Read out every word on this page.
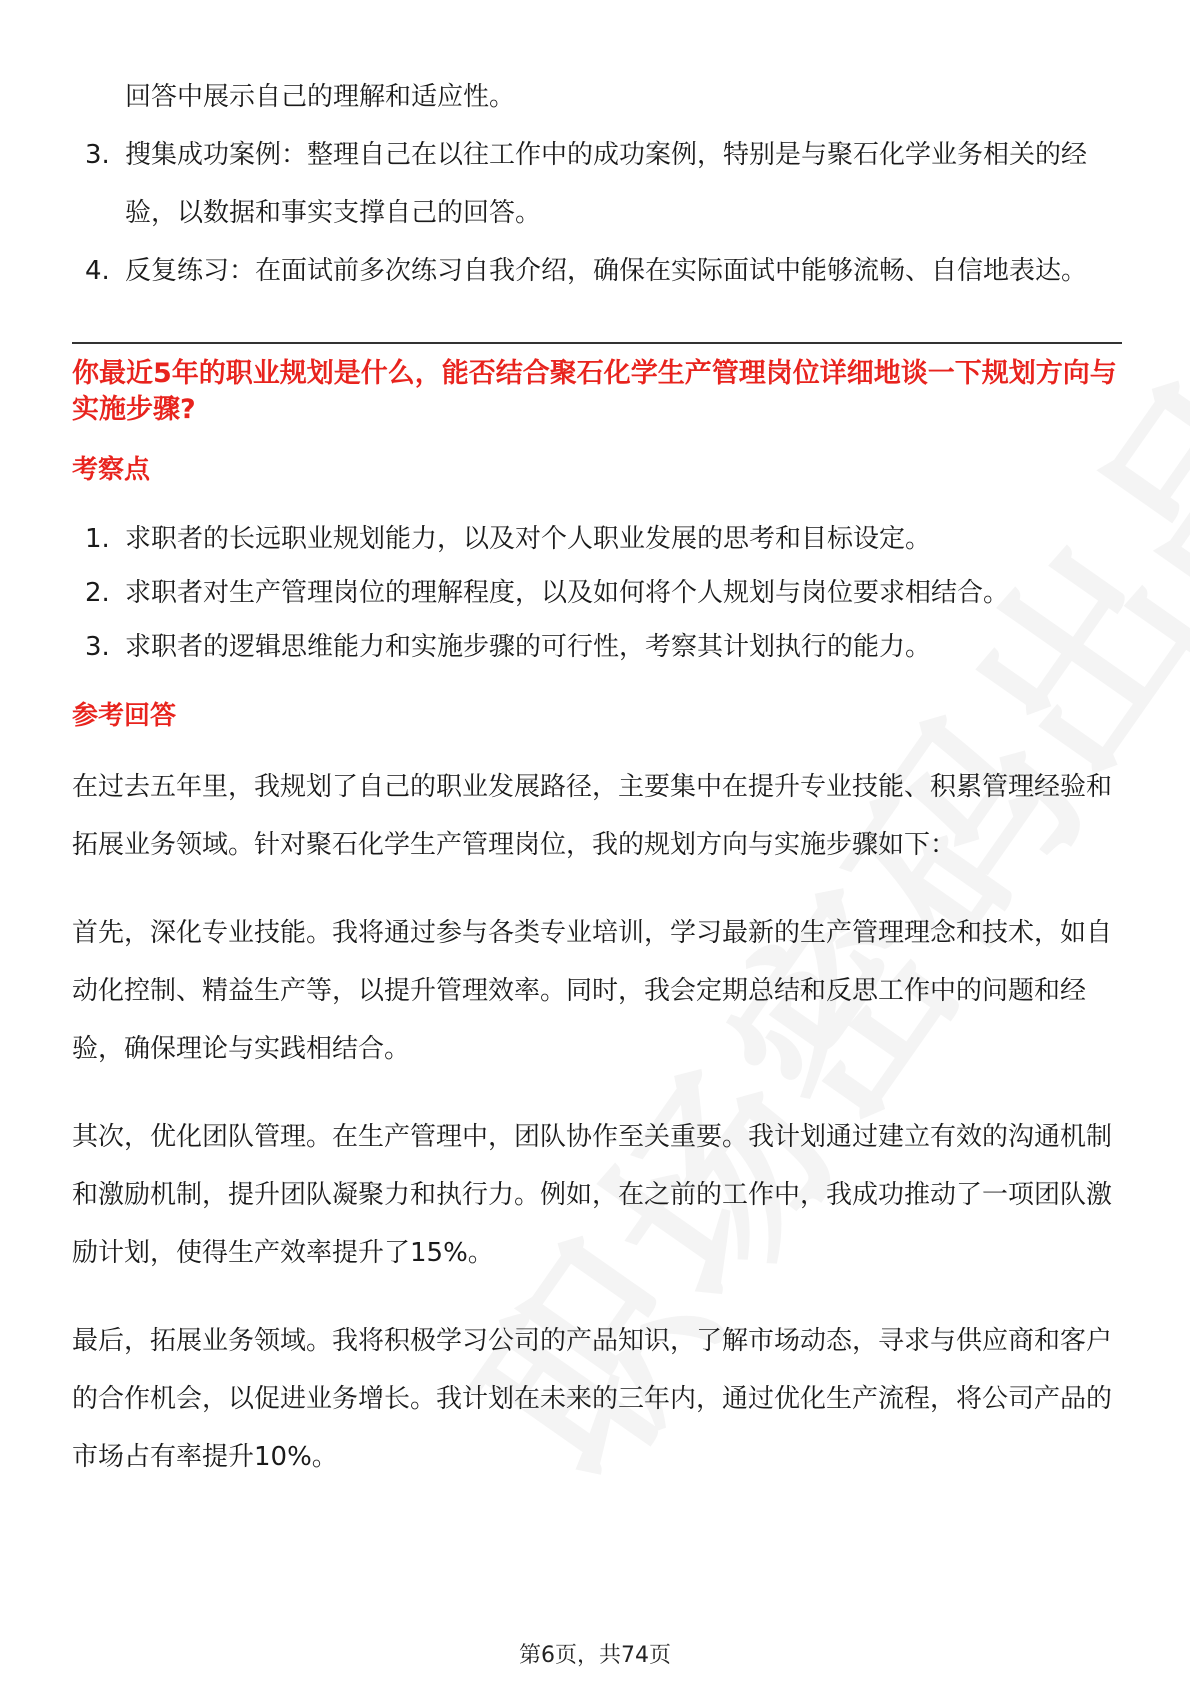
回答中展示自己的理解和适应性。

3. 搜集成功案例：整理自己在以往工作中的成功案例，特别是与聚石化学业务相关的经验，以数据和事实支撑自己的回答。
4. 反复练习：在面试前多次练习自我介绍，确保在实际面试中能够流畅、自信地表达。
你最近5年的职业规划是什么，能否结合聚石化学生产管理岗位详细地谈一下规划方向与实施步骤?
考察点
1. 求职者的长远职业规划能力，以及对个人职业发展的思考和目标设定。
2. 求职者对生产管理岗位的理解程度，以及如何将个人规划与岗位要求相结合。
3. 求职者的逻辑思维能力和实施步骤的可行性，考察其计划执行的能力。
参考回答

在过去五年里，我规划了自己的职业发展路径，主要集中在提升专业技能、积累管理经验和拓展业务领域。针对聚石化学生产管理岗位，我的规划方向与实施步骤如下：

首先，深化专业技能。我将通过参与各类专业培训，学习最新的生产管理理念和技术，如自动化控制、精益生产等，以提升管理效率。同时，我会定期总结和反思工作中的问题和经验，确保理论与实践相结合。

其次，优化团队管理。在生产管理中，团队协作至关重要。我计划通过建立有效的沟通机制和激励机制，提升团队凝聚力和执行力。例如，在之前的工作中，我成功推动了一项团队激励计划，使得生产效率提升了15%。

最后，拓展业务领域。我将积极学习公司的产品知识，了解市场动态，寻求与供应商和客户的合作机会，以促进业务增长。我计划在未来的三年内，通过优化生产流程，将公司产品的市场占有率提升10%。

第6页，共74页
